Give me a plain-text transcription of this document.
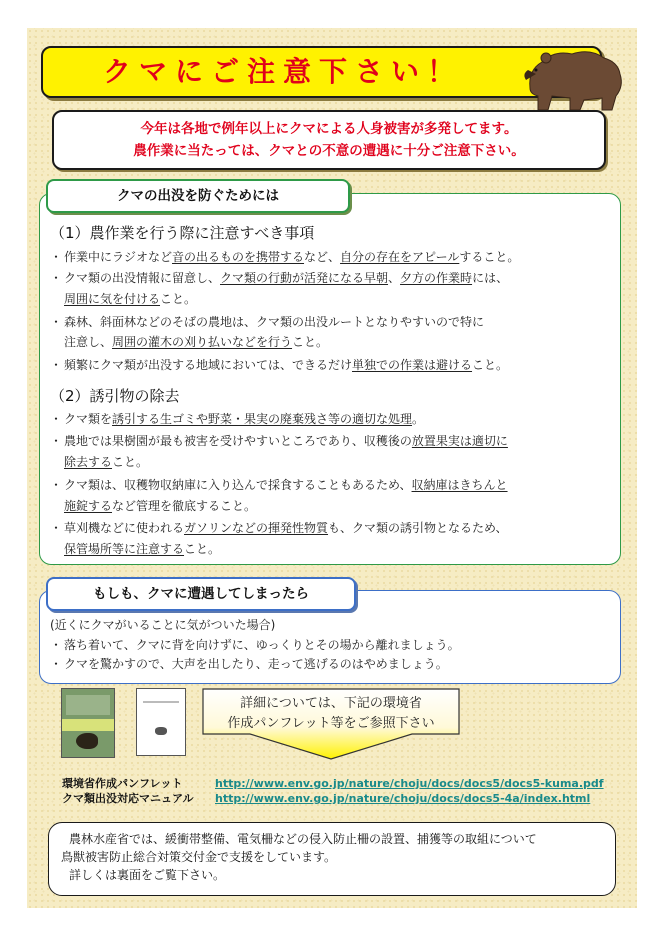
クマにご注意下さい！
今年は各地で例年以上にクマによる人身被害が多発してます。
農作業に当たっては、クマとの不意の遭遇に十分ご注意下さい。
クマの出没を防ぐためには
（1）農作業を行う際に注意すべき事項
・ 作業中にラジオなど音の出るものを携帯するなど、自分の存在をアピールすること。
・ クマ類の出没情報に留意し、クマ類の行動が活発になる早朝、夕方の作業時には、
周囲に気を付けること。
・ 森林、斜面林などのそばの農地は、クマ類の出没ルートとなりやすいので特に
注意し、周囲の灌木の刈り払いなどを行うこと。
・ 頻繁にクマ類が出没する地域においては、できるだけ単独での作業は避けること。
（2）誘引物の除去
・ クマ類を誘引する生ゴミや野菜・果実の廃棄残さ等の適切な処理。
・ 農地では果樹園が最も被害を受けやすいところであり、収穫後の放置果実は適切に
除去すること。
・ クマ類は、収穫物収納庫に入り込んで採食することもあるため、収納庫はきちんと
施錠するなど管理を徹底すること。
・ 草刈機などに使われるガソリンなどの揮発性物質も、クマ類の誘引物となるため、
保管場所等に注意すること。
もしも、クマに遭遇してしまったら
(近くにクマがいることに気がついた場合)
・ 落ち着いて、クマに背を向けずに、ゆっくりとその場から離れましょう。
・ クマを驚かすので、大声を出したり、走って逃げるのはやめましょう。
詳細については、下記の環境省
作成パンフレット等をご参照下さい
環境省作成パンフレット	http://www.env.go.jp/nature/choju/docs/docs5/docs5-kuma.pdf
クマ類出没対応マニュアル	http://www.env.go.jp/nature/choju/docs/docs5-4a/index.html
農林水産省では、緩衝帯整備、電気柵などの侵入防止柵の設置、捕獲等の取組について
鳥獣被害防止総合対策交付金で支援をしています。
詳しくは裏面をご覧下さい。
